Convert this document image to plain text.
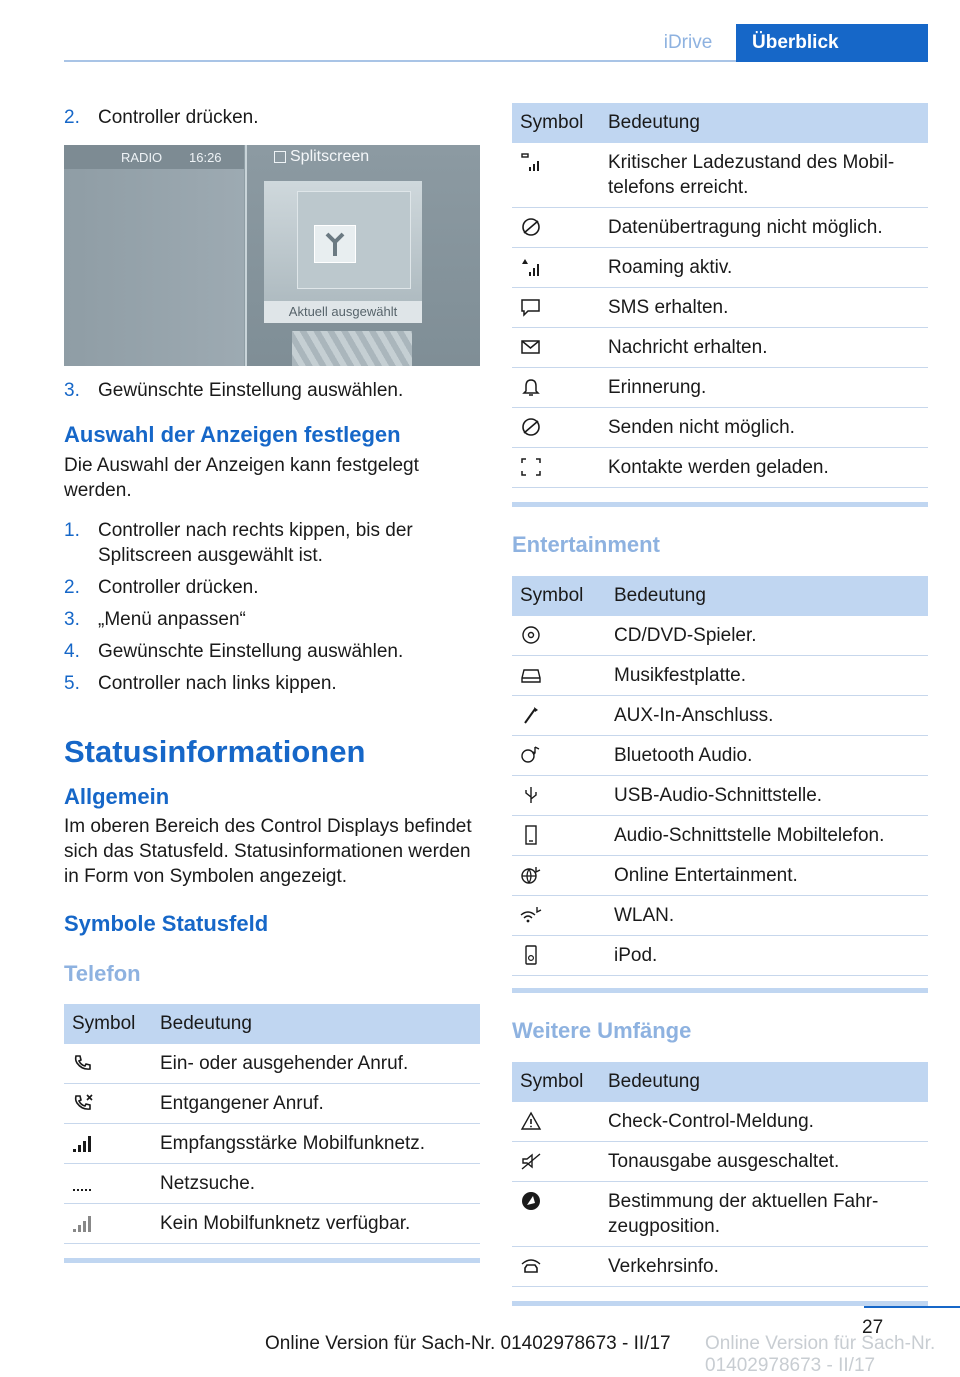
iDrive	Überblick

2. Controller drücken.

RADIO 16:26	Splitscreen
Aktuell ausgewählt

3. Gewünschte Einstellung auswählen.

Auswahl der Anzeigen festlegen

Die Auswahl der Anzeigen kann festgelegt werden.

1. Controller nach rechts kippen, bis der Splitscreen ausgewählt ist.

2. Controller drücken.

3. „Menü anpassen“

4. Gewünschte Einstellung auswählen.

5. Controller nach links kippen.

Statusinformationen

Allgemein

Im oberen Bereich des Control Displays befindet sich das Statusfeld. Statusinformationen werden in Form von Symbolen angezeigt.

Symbole Statusfeld

Telefon

Symbol	Bedeutung
	Ein- oder ausgehender Anruf.
	Entgangener Anruf.
	Empfangsstärke Mobilfunknetz.
	Netzsuche.
	Kein Mobilfunknetz verfügbar.
Symbol	Bedeutung
	Kritischer Ladezustand des Mobiltelefons erreicht.
	Datenübertragung nicht möglich.
	Roaming aktiv.
	SMS erhalten.
	Nachricht erhalten.
	Erinnerung.
	Senden nicht möglich.
	Kontakte werden geladen.

Entertainment

Symbol	Bedeutung
	CD/DVD-Spieler.
	Musikfestplatte.
	AUX-In-Anschluss.
	Bluetooth Audio.
	USB-Audio-Schnittstelle.
	Audio-Schnittstelle Mobiltelefon.
	Online Entertainment.
	WLAN.
	iPod.

Weitere Umfänge

Symbol	Bedeutung
	Check-Control-Meldung.
	Tonausgabe ausgeschaltet.
	Bestimmung der aktuellen Fahrzeugposition.
	Verkehrsinfo.
27
Online Version für Sach-Nr. 01402978673 - II/17
Online Version für Sach-Nr. 01402978673 - II/17
